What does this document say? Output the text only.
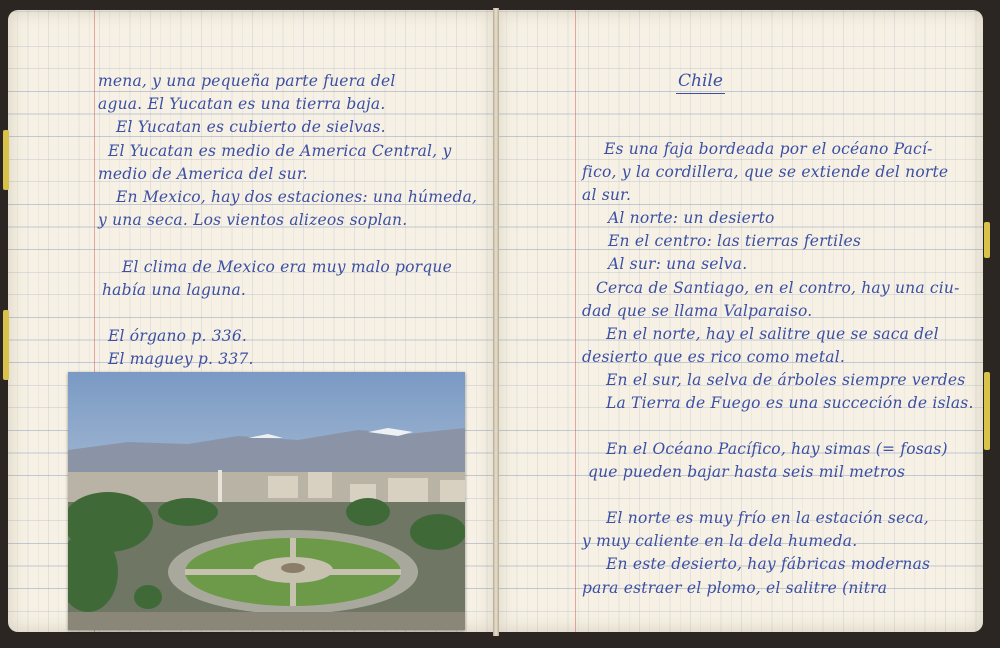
mena, y una pequeña parte fuera del
agua. El Yucatan es una tierra baja.
El Yucatan es cubierto de sielvas.
El Yucatan es medio de America Central, y
medio de America del sur.
En Mexico, hay dos estaciones: una húmeda,
y una seca. Los vientos alizeos soplan.
El clima de Mexico era muy malo porque
había una laguna.
El órgano p. 336.
El maguey p. 337.
Chile
Es una faja bordeada por el océano Pací-
fico, y la cordillera, que se extiende del norte
al sur.
Al norte: un desierto
En el centro: las tierras fertiles
Al sur: una selva.
Cerca de Santiago, en el contro, hay una ciu-
dad que se llama Valparaiso.
En el norte, hay el salitre que se saca del
desierto que es rico como metal.
En el sur, la selva de árboles siempre verdes
La Tierra de Fuego es una succeción de islas.
En el Océano Pacífico, hay simas (= fosas)
que pueden bajar hasta seis mil metros
El norte es muy frío en la estación seca,
y muy caliente en la dela humeda.
En este desierto, hay fábricas modernas
para estraer el plomo, el salitre (nitra
